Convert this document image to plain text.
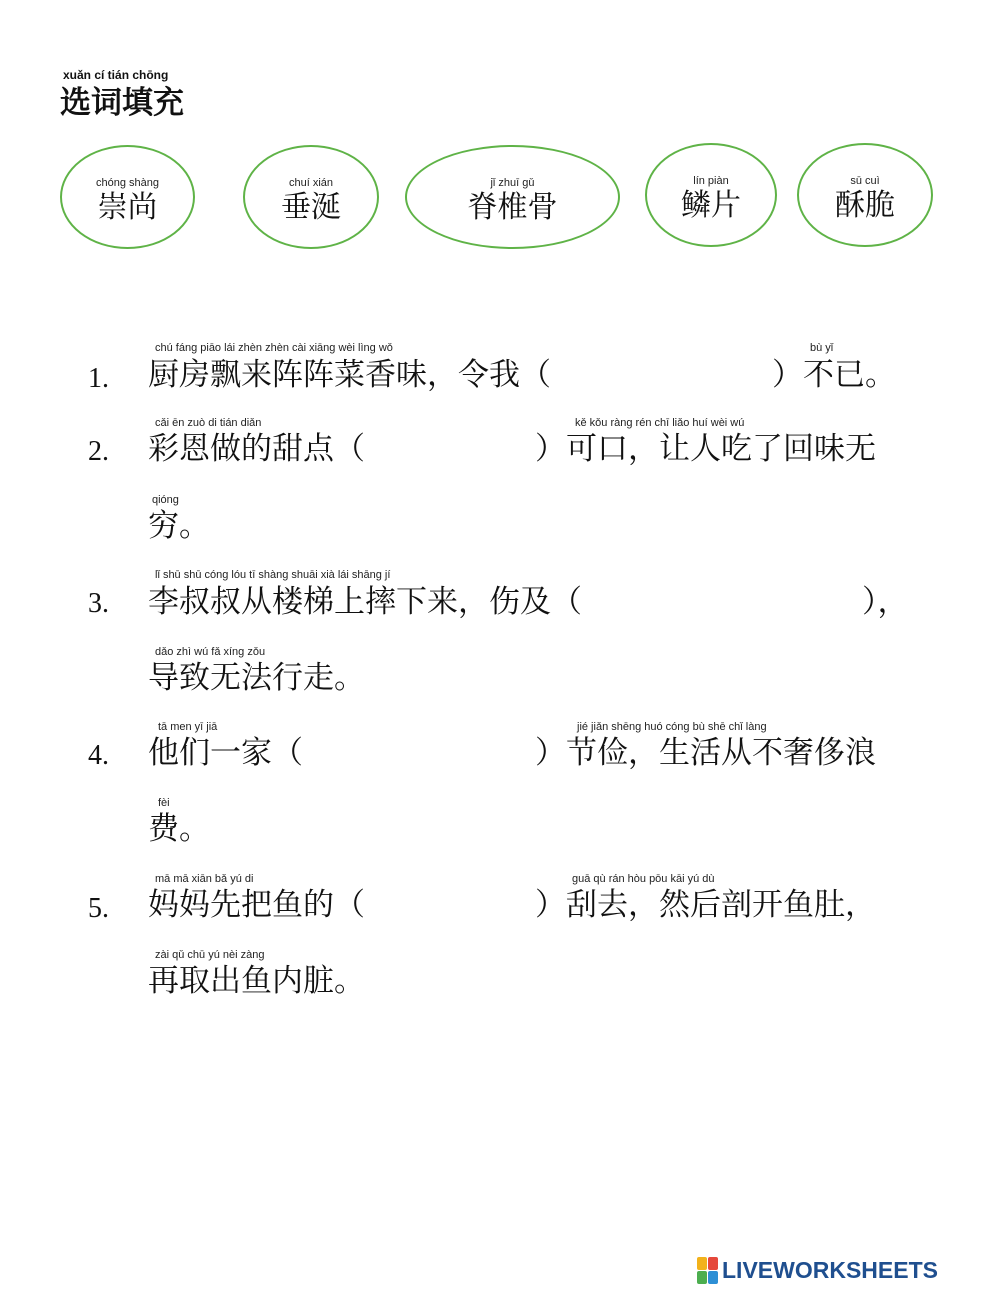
xuǎn cí tián chōng
选词填充
chóng shàng
崇尚
chuí xián
垂涎
jǐ zhuī gǔ
脊椎骨
lín piàn
鳞片
sū cuì
酥脆
1.
chú fáng piāo lái zhèn zhèn cài xiāng wèi lìng wǒ
厨房飘来阵阵菜香味，令我（
bù yǐ
）不已。
2.
cǎi ēn zuò di tián diǎn
彩恩做的甜点（
kě kǒu ràng rén chī liǎo huí wèi wú
）可口，让人吃了回味无
qióng
穷。
3.
lǐ shū shū cóng lóu tī shàng shuāi xià lái shāng jí
李叔叔从楼梯上摔下来，伤及（	），
dǎo zhì wú fǎ xíng zǒu
导致无法行走。
4.
tā men yī jiā
他们一家（
jié jiǎn shēng huó cóng bù shē chǐ làng
）节俭，生活从不奢侈浪
fèi
费。
5.
mā mā xiān bǎ yú di
妈妈先把鱼的（
guā qù rán hòu pōu kāi yú dù
）刮去，然后剖开鱼肚，
zài qǔ chū yú nèi zàng
再取出鱼内脏。
LIVEWORKSHEETS
